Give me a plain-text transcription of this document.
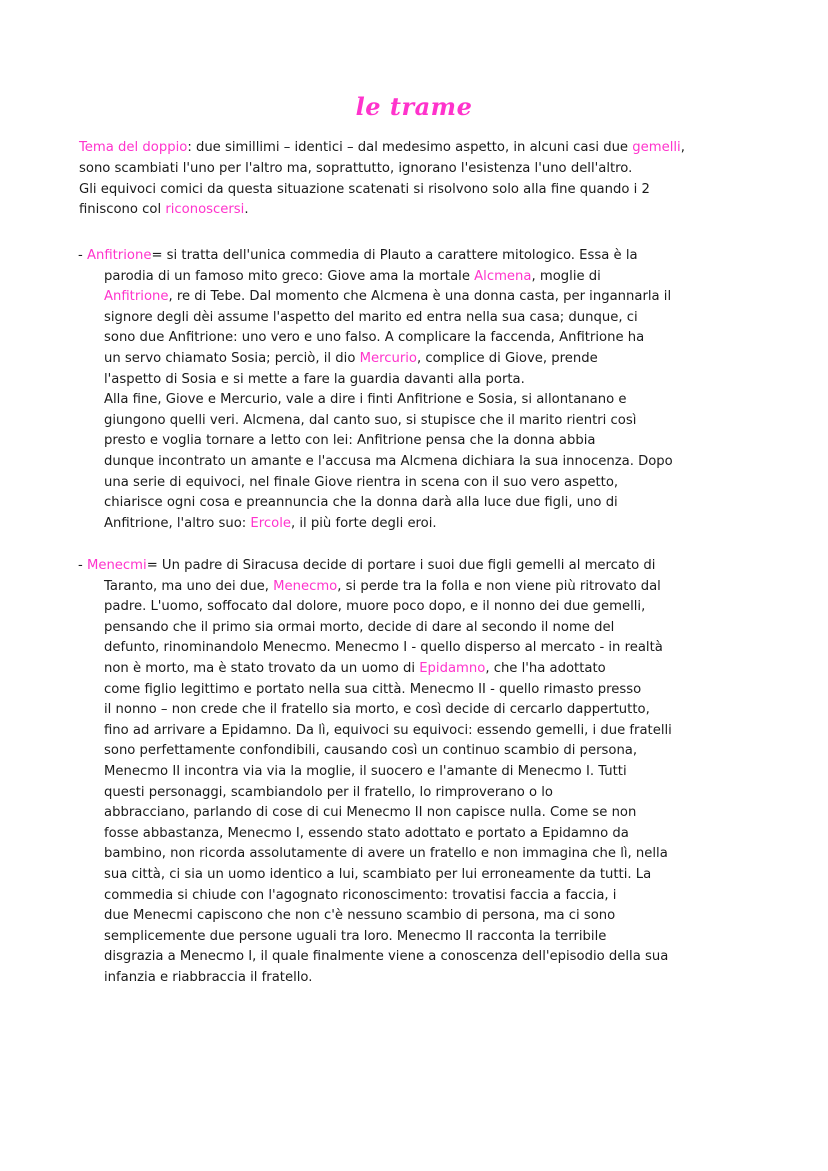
le trame
Tema del doppio: due simillimi – identici – dal medesimo aspetto, in alcuni casi due gemelli,
sono scambiati l'uno per l'altro ma, soprattutto, ignorano l'esistenza l'uno dell'altro.
Gli equivoci comici da questa situazione scatenati si risolvono solo alla fine quando i 2
finiscono col riconoscersi.
- Anfitrione= si tratta dell'unica commedia di Plauto a carattere mitologico. Essa è la
parodia di un famoso mito greco: Giove ama la mortale Alcmena, moglie di
Anfitrione, re di Tebe. Dal momento che Alcmena è una donna casta, per ingannarla il
signore degli dèi assume l'aspetto del marito ed entra nella sua casa; dunque, ci
sono due Anfitrione: uno vero e uno falso. A complicare la faccenda, Anfitrione ha
un servo chiamato Sosia; perciò, il dio Mercurio, complice di Giove, prende
l'aspetto di Sosia e si mette a fare la guardia davanti alla porta.
Alla fine, Giove e Mercurio, vale a dire i finti Anfitrione e Sosia, si allontanano e
giungono quelli veri. Alcmena, dal canto suo, si stupisce che il marito rientri così
presto e voglia tornare a letto con lei: Anfitrione pensa che la donna abbia
dunque incontrato un amante e l'accusa ma Alcmena dichiara la sua innocenza. Dopo
una serie di equivoci, nel finale Giove rientra in scena con il suo vero aspetto,
chiarisce ogni cosa e preannuncia che la donna darà alla luce due figli, uno di
Anfitrione, l'altro suo: Ercole, il più forte degli eroi.
- Menecmi= Un padre di Siracusa decide di portare i suoi due figli gemelli al mercato di
Taranto, ma uno dei due, Menecmo, si perde tra la folla e non viene più ritrovato dal
padre. L'uomo, soffocato dal dolore, muore poco dopo, e il nonno dei due gemelli,
pensando che il primo sia ormai morto, decide di dare al secondo il nome del
defunto, rinominandolo Menecmo. Menecmo I - quello disperso al mercato - in realtà
non è morto, ma è stato trovato da un uomo di Epidamno, che l'ha adottato
come figlio legittimo e portato nella sua città. Menecmo II - quello rimasto presso
il nonno – non crede che il fratello sia morto, e così decide di cercarlo dappertutto,
fino ad arrivare a Epidamno. Da lì, equivoci su equivoci: essendo gemelli, i due fratelli
sono perfettamente confondibili, causando così un continuo scambio di persona,
Menecmo II incontra via via la moglie, il suocero e l'amante di Menecmo I. Tutti
questi personaggi, scambiandolo per il fratello, lo rimproverano o lo
abbracciano, parlando di cose di cui Menecmo II non capisce nulla. Come se non
fosse abbastanza, Menecmo I, essendo stato adottato e portato a Epidamno da
bambino, non ricorda assolutamente di avere un fratello e non immagina che lì, nella
sua città, ci sia un uomo identico a lui, scambiato per lui erroneamente da tutti. La
commedia si chiude con l'agognato riconoscimento: trovatisi faccia a faccia, i
due Menecmi capiscono che non c'è nessuno scambio di persona, ma ci sono
semplicemente due persone uguali tra loro. Menecmo II racconta la terribile
disgrazia a Menecmo I, il quale finalmente viene a conoscenza dell'episodio della sua
infanzia e riabbraccia il fratello.
